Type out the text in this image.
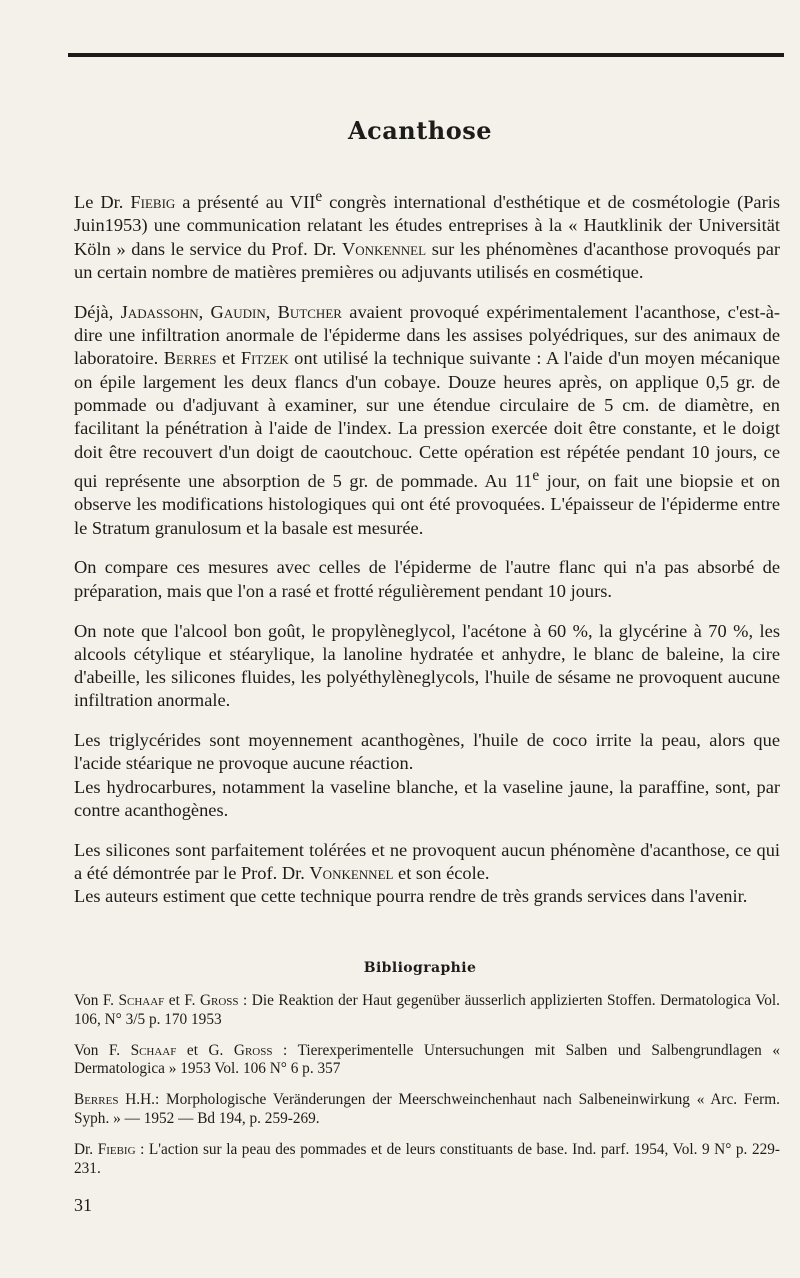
Acanthose

Le Dr. Fiebig a présenté au VIIe congrès international d'esthétique et de cosmétologie (Paris Juin1953) une communication relatant les études entreprises à la « Hautklinik der Universität Köln » dans le service du Prof. Dr. Vonkennel sur les phénomènes d'acanthose provoqués par un certain nombre de matières premières ou adjuvants utilisés en cosmétique.

Déjà, Jadassohn, Gaudin, Butcher avaient provoqué expérimentalement l'acanthose, c'est-à-dire une infiltration anormale de l'épiderme dans les assises polyédriques, sur des animaux de laboratoire. Berres et Fitzek ont utilisé la technique suivante : A l'aide d'un moyen mécanique on épile largement les deux flancs d'un cobaye. Douze heures après, on applique 0,5 gr. de pommade ou d'adjuvant à examiner, sur une étendue circulaire de 5 cm. de diamètre, en facilitant la pénétration à l'aide de l'index. La pression exercée doit être constante, et le doigt doit être recouvert d'un doigt de caoutchouc. Cette opération est répétée pendant 10 jours, ce qui représente une absorption de 5 gr. de pommade. Au 11e jour, on fait une biopsie et on observe les modifications histologiques qui ont été provoquées. L'épaisseur de l'épiderme entre le Stratum granulosum et la basale est mesurée.

On compare ces mesures avec celles de l'épiderme de l'autre flanc qui n'a pas absorbé de préparation, mais que l'on a rasé et frotté régulièrement pendant 10 jours.

On note que l'alcool bon goût, le propylèneglycol, l'acétone à 60 %, la glycérine à 70 %, les alcools cétylique et stéarylique, la lanoline hydratée et anhydre, le blanc de baleine, la cire d'abeille, les silicones fluides, les polyéthylèneglycols, l'huile de sésame ne provoquent aucune infiltration anormale.

Les triglycérides sont moyennement acanthogènes, l'huile de coco irrite la peau, alors que l'acide stéarique ne provoque aucune réaction.
Les hydrocarbures, notamment la vaseline blanche, et la vaseline jaune, la paraffine, sont, par contre acanthogènes.

Les silicones sont parfaitement tolérées et ne provoquent aucun phénomène d'acanthose, ce qui a été démontrée par le Prof. Dr. Vonkennel et son école.
Les auteurs estiment que cette technique pourra rendre de très grands services dans l'avenir.

Bibliographie

Von F. Schaaf et F. Gross : Die Reaktion der Haut gegenüber äusserlich applizierten Stoffen. Dermatologica Vol. 106, N° 3/5 p. 170 1953

Von F. Schaaf et G. Gross : Tierexperimentelle Untersuchungen mit Salben und Salbengrundlagen « Dermatologica » 1953 Vol. 106 N° 6 p. 357

Berres H.H.: Morphologische Veränderungen der Meerschweinchenhaut nach Salbeneinwirkung « Arc. Ferm. Syph. » — 1952 — Bd 194, p. 259-269.

Dr. Fiebig : L'action sur la peau des pommades et de leurs constituants de base. Ind. parf. 1954, Vol. 9 N° p. 229-231.

31
